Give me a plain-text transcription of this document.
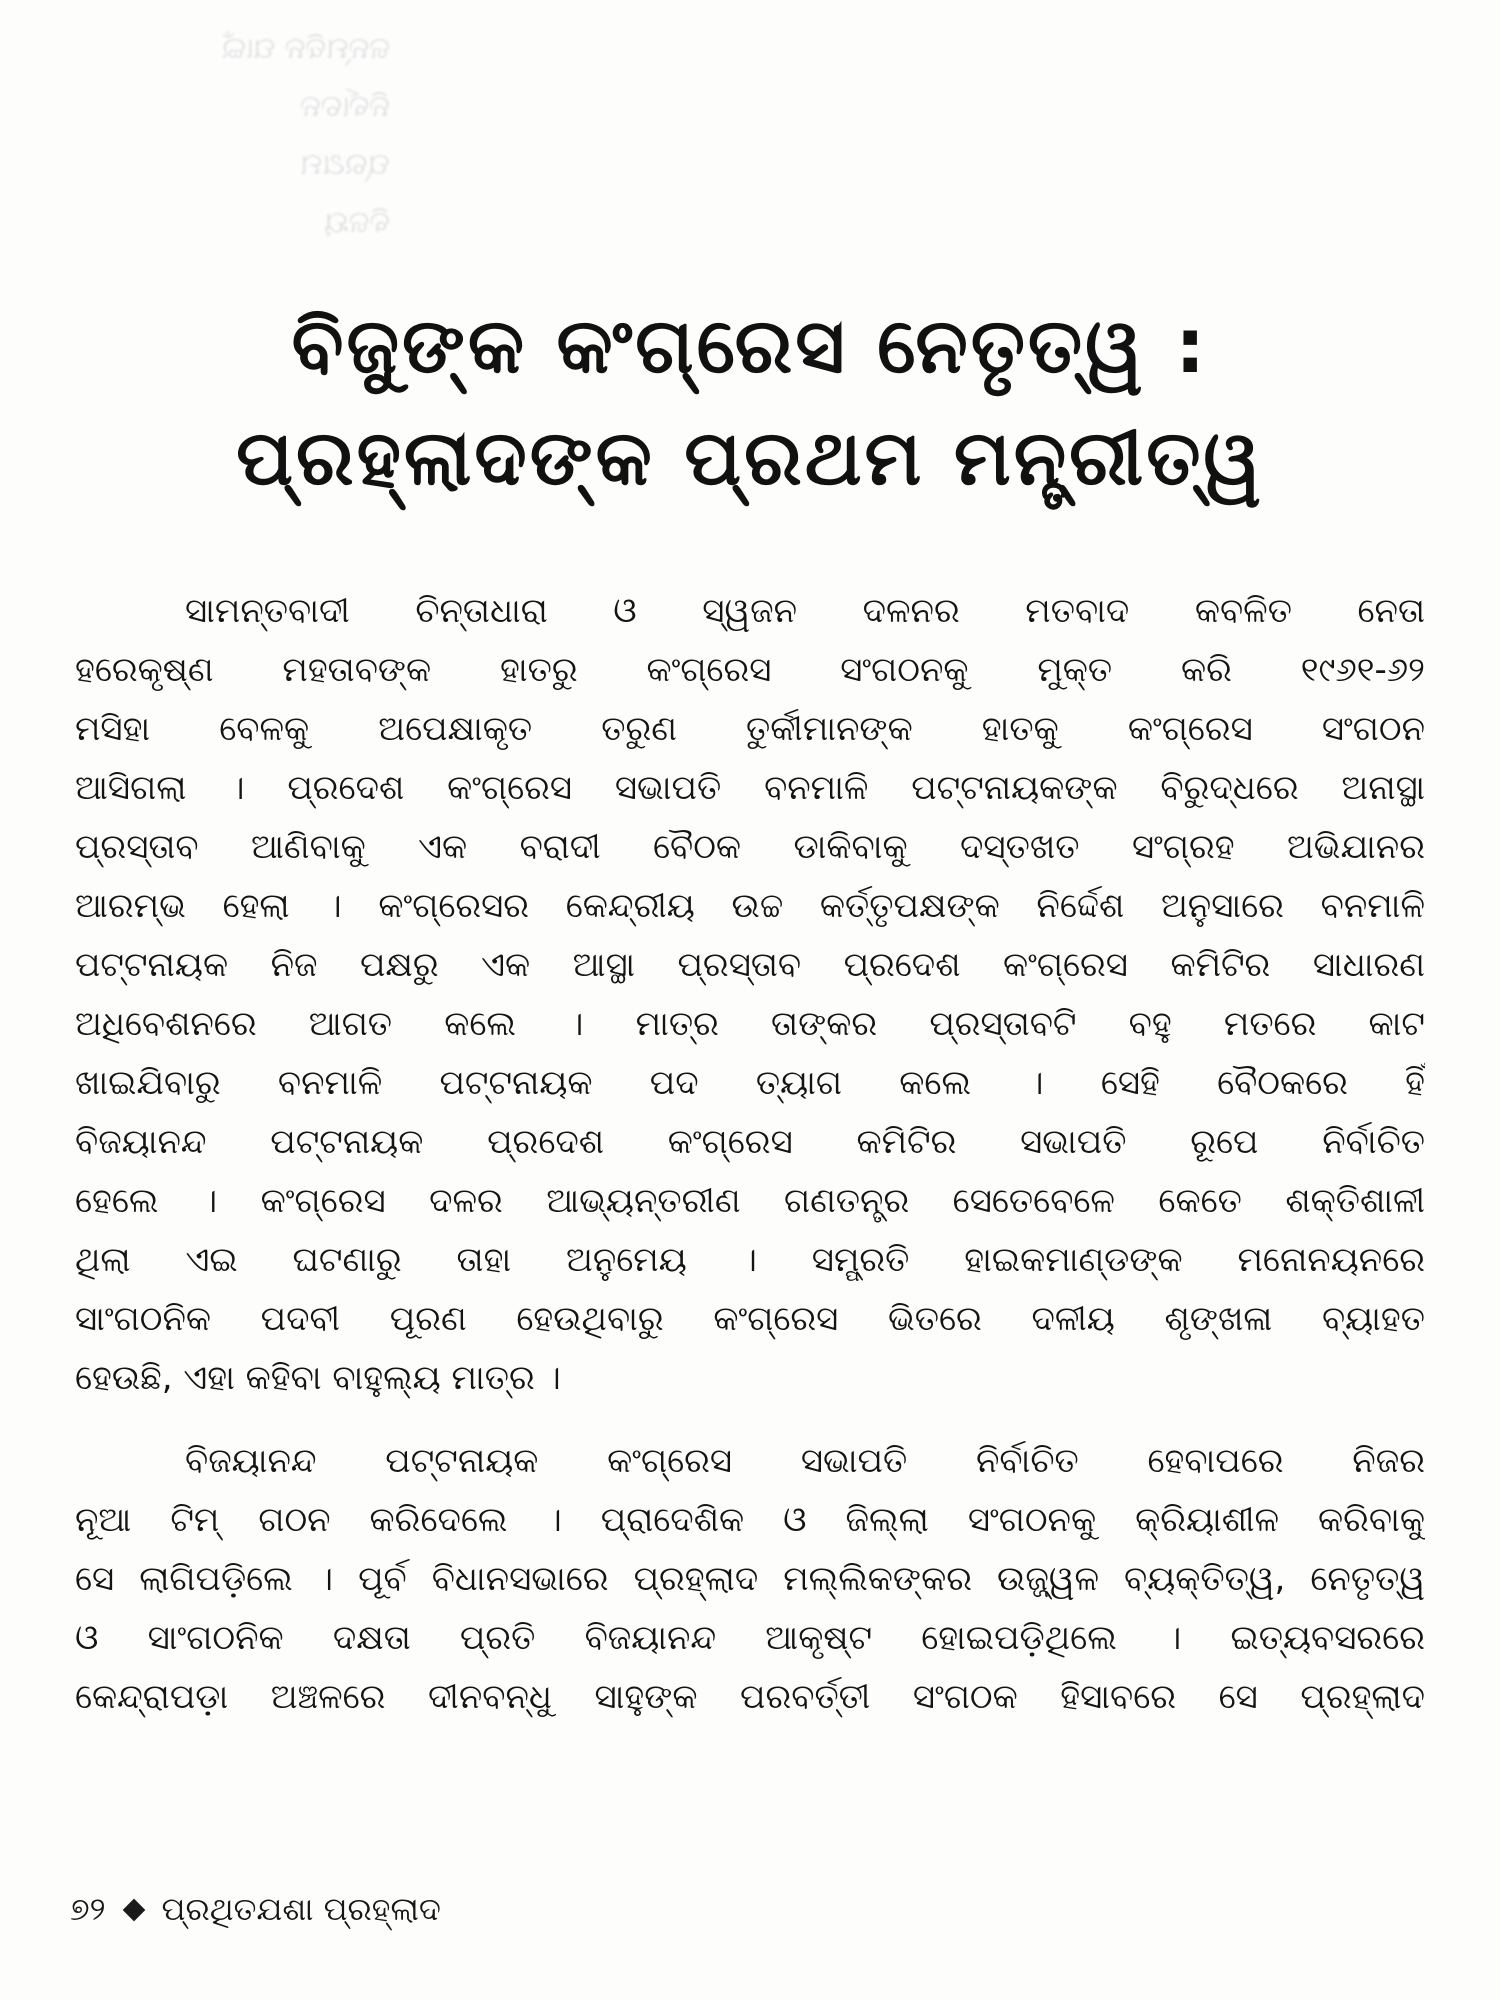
ଜନ୍ମଦିନ ପାଇଁ
ନିର୍ବାଚନ
ପ୍ରଥମ
ବିଜୟ
ବିଜୁଙ୍କ କଂଗ୍ରେସ ନେତୃତ୍ୱ :
ପ୍ରହ୍ଲାଦଙ୍କ ପ୍ରଥମ ମନ୍ତ୍ରୀତ୍ୱ
ସାମନ୍ତବାଦୀ ଚିନ୍ତାଧାରା ଓ ସ୍ୱଜନ ଦଳନର ମତବାଦ କବଳିତ ନେତା
ହରେକୃଷ୍ଣ ମହତାବଙ୍କ ହାତରୁ କଂଗ୍ରେସ ସଂଗଠନକୁ ମୁକ୍ତ କରି ୧୯୬୧-୬୨
ମସିହା ବେଳକୁ ଅପେକ୍ଷାକୃତ ତରୁଣ ତୁର୍କୀମାନଙ୍କ ହାତକୁ କଂଗ୍ରେସ ସଂଗଠନ
ଆସିଗଲା । ପ୍ରଦେଶ କଂଗ୍ରେସ ସଭାପତି ବନମାଳି ପଟ୍ଟନାୟକଙ୍କ ବିରୁଦ୍ଧରେ ଅନାସ୍ଥା
ପ୍ରସ୍ତାବ ଆଣିବାକୁ ଏକ ବରାଦୀ ବୈଠକ ଡାକିବାକୁ ଦସ୍ତଖତ ସଂଗ୍ରହ ଅଭିଯାନର
ଆରମ୍ଭ ହେଲା । କଂଗ୍ରେସର କେନ୍ଦ୍ରୀୟ ଉଚ୍ଚ କର୍ତ୍ତୃପକ୍ଷଙ୍କ ନିର୍ଦ୍ଦେଶ ଅନୁସାରେ ବନମାଳି
ପଟ୍ଟନାୟକ ନିଜ ପକ୍ଷରୁ ଏକ ଆସ୍ଥା ପ୍ରସ୍ତାବ ପ୍ରଦେଶ କଂଗ୍ରେସ କମିଟିର ସାଧାରଣ
ଅଧିବେଶନରେ ଆଗତ କଲେ । ମାତ୍ର ତାଙ୍କର ପ୍ରସ୍ତାବଟି ବହୁ ମତରେ କାଟ
ଖାଇଯିବାରୁ ବନମାଳି ପଟ୍ଟନାୟକ ପଦ ତ୍ୟାଗ କଲେ । ସେହି ବୈଠକରେ ହିଁ
ବିଜୟାନନ୍ଦ ପଟ୍ଟନାୟକ ପ୍ରଦେଶ କଂଗ୍ରେସ କମିଟିର ସଭାପତି ରୂପେ ନିର୍ବାଚିତ
ହେଲେ । କଂଗ୍ରେସ ଦଳର ଆଭ୍ୟନ୍ତରୀଣ ଗଣତନ୍ତ୍ର ସେତେବେଳେ କେତେ ଶକ୍ତିଶାଳୀ
ଥିଲା ଏଇ ଘଟଣାରୁ ତାହା ଅନୁମେୟ । ସମ୍ପ୍ରତି ହାଇକମାଣ୍ଡଙ୍କ ମନୋନୟନରେ
ସାଂଗଠନିକ ପଦବୀ ପୂରଣ ହେଉଥିବାରୁ କଂଗ୍ରେସ ଭିତରେ ଦଳୀୟ ଶୃଙ୍ଖଳା ବ୍ୟାହତ
ହେଉଛି, ଏହା କହିବା ବାହୁଲ୍ୟ ମାତ୍ର ।
ବିଜୟାନନ୍ଦ ପଟ୍ଟନାୟକ କଂଗ୍ରେସ ସଭାପତି ନିର୍ବାଚିତ ହେବାପରେ ନିଜର
ନୂଆ ଟିମ୍ ଗଠନ କରିଦେଲେ । ପ୍ରାଦେଶିକ ଓ ଜିଲ୍ଲା ସଂଗଠନକୁ କ୍ରିୟାଶୀଳ କରିବାକୁ
ସେ ଲାଗିପଡ଼ିଲେ । ପୂର୍ବ ବିଧାନସଭାରେ ପ୍ରହ୍ଲାଦ ମଲ୍ଲିକଙ୍କର ଉଜ୍ଜ୍ୱଳ ବ୍ୟକ୍ତିତ୍ୱ, ନେତୃତ୍ୱ
ଓ ସାଂଗଠନିକ ଦକ୍ଷତା ପ୍ରତି ବିଜୟାନନ୍ଦ ଆକୃଷ୍ଟ ହୋଇପଡ଼ିଥିଲେ । ଇତ୍ୟବସରରେ
କେନ୍ଦ୍ରାପଡ଼ା ଅଞ୍ଚଳରେ ଦୀନବନ୍ଧୁ ସାହୁଙ୍କ ପରବର୍ତ୍ତୀ ସଂଗଠକ ହିସାବରେ ସେ ପ୍ରହ୍ଲାଦ
୭୨ ପ୍ରଥିତଯଶା ପ୍ରହ୍ଲାଦ
